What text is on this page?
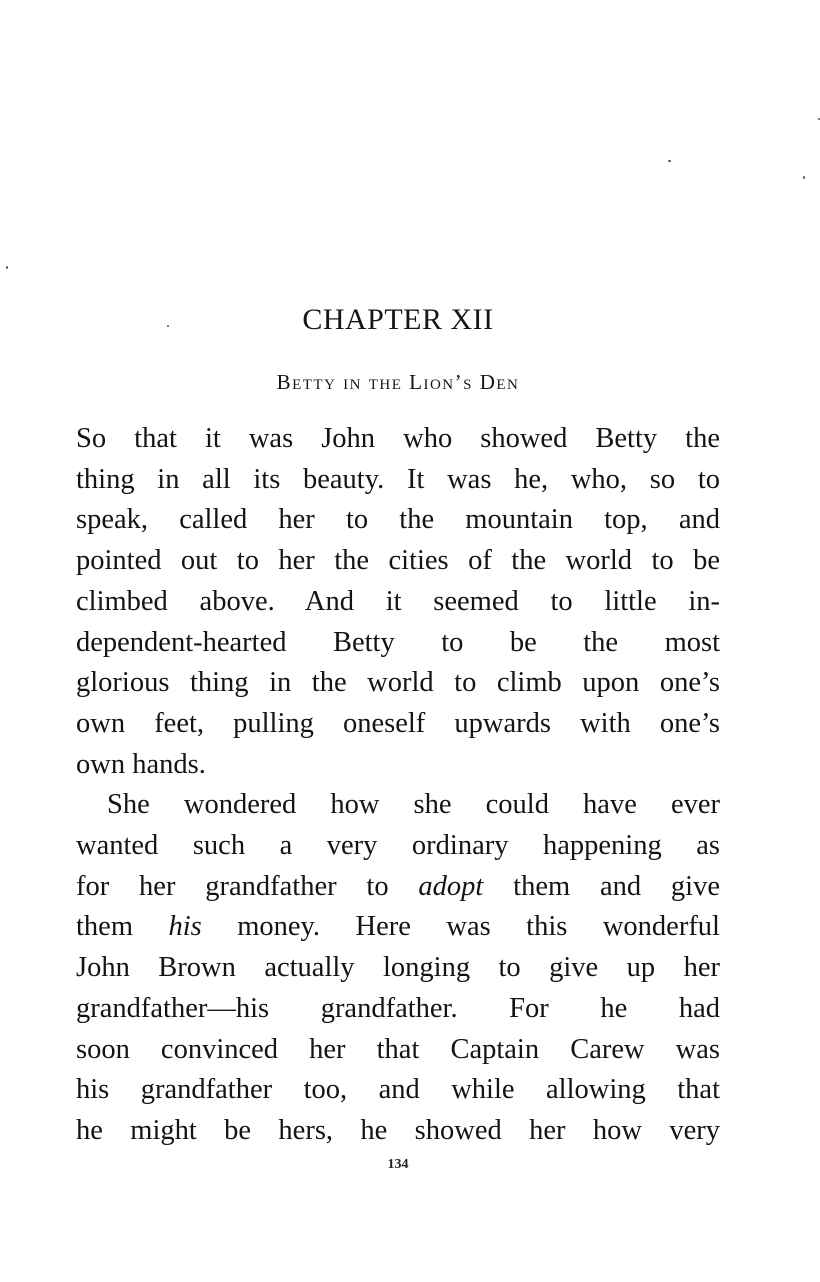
CHAPTER XII
Betty in the Lion’s Den
So that it was John who showed Betty the
thing in all its beauty. It was he, who, so to
speak, called her to the mountain top, and
pointed out to her the cities of the world to be
climbed above. And it seemed to little in-
dependent-hearted Betty to be the most
glorious thing in the world to climb upon one’s
own feet, pulling oneself upwards with one’s
own hands.
She wondered how she could have ever
wanted such a very ordinary happening as
for her grandfather to adopt them and give
them his money. Here was this wonderful
John Brown actually longing to give up her
grandfather—his grandfather. For he had
soon convinced her that Captain Carew was
his grandfather too, and while allowing that
he might be hers, he showed her how very
134
